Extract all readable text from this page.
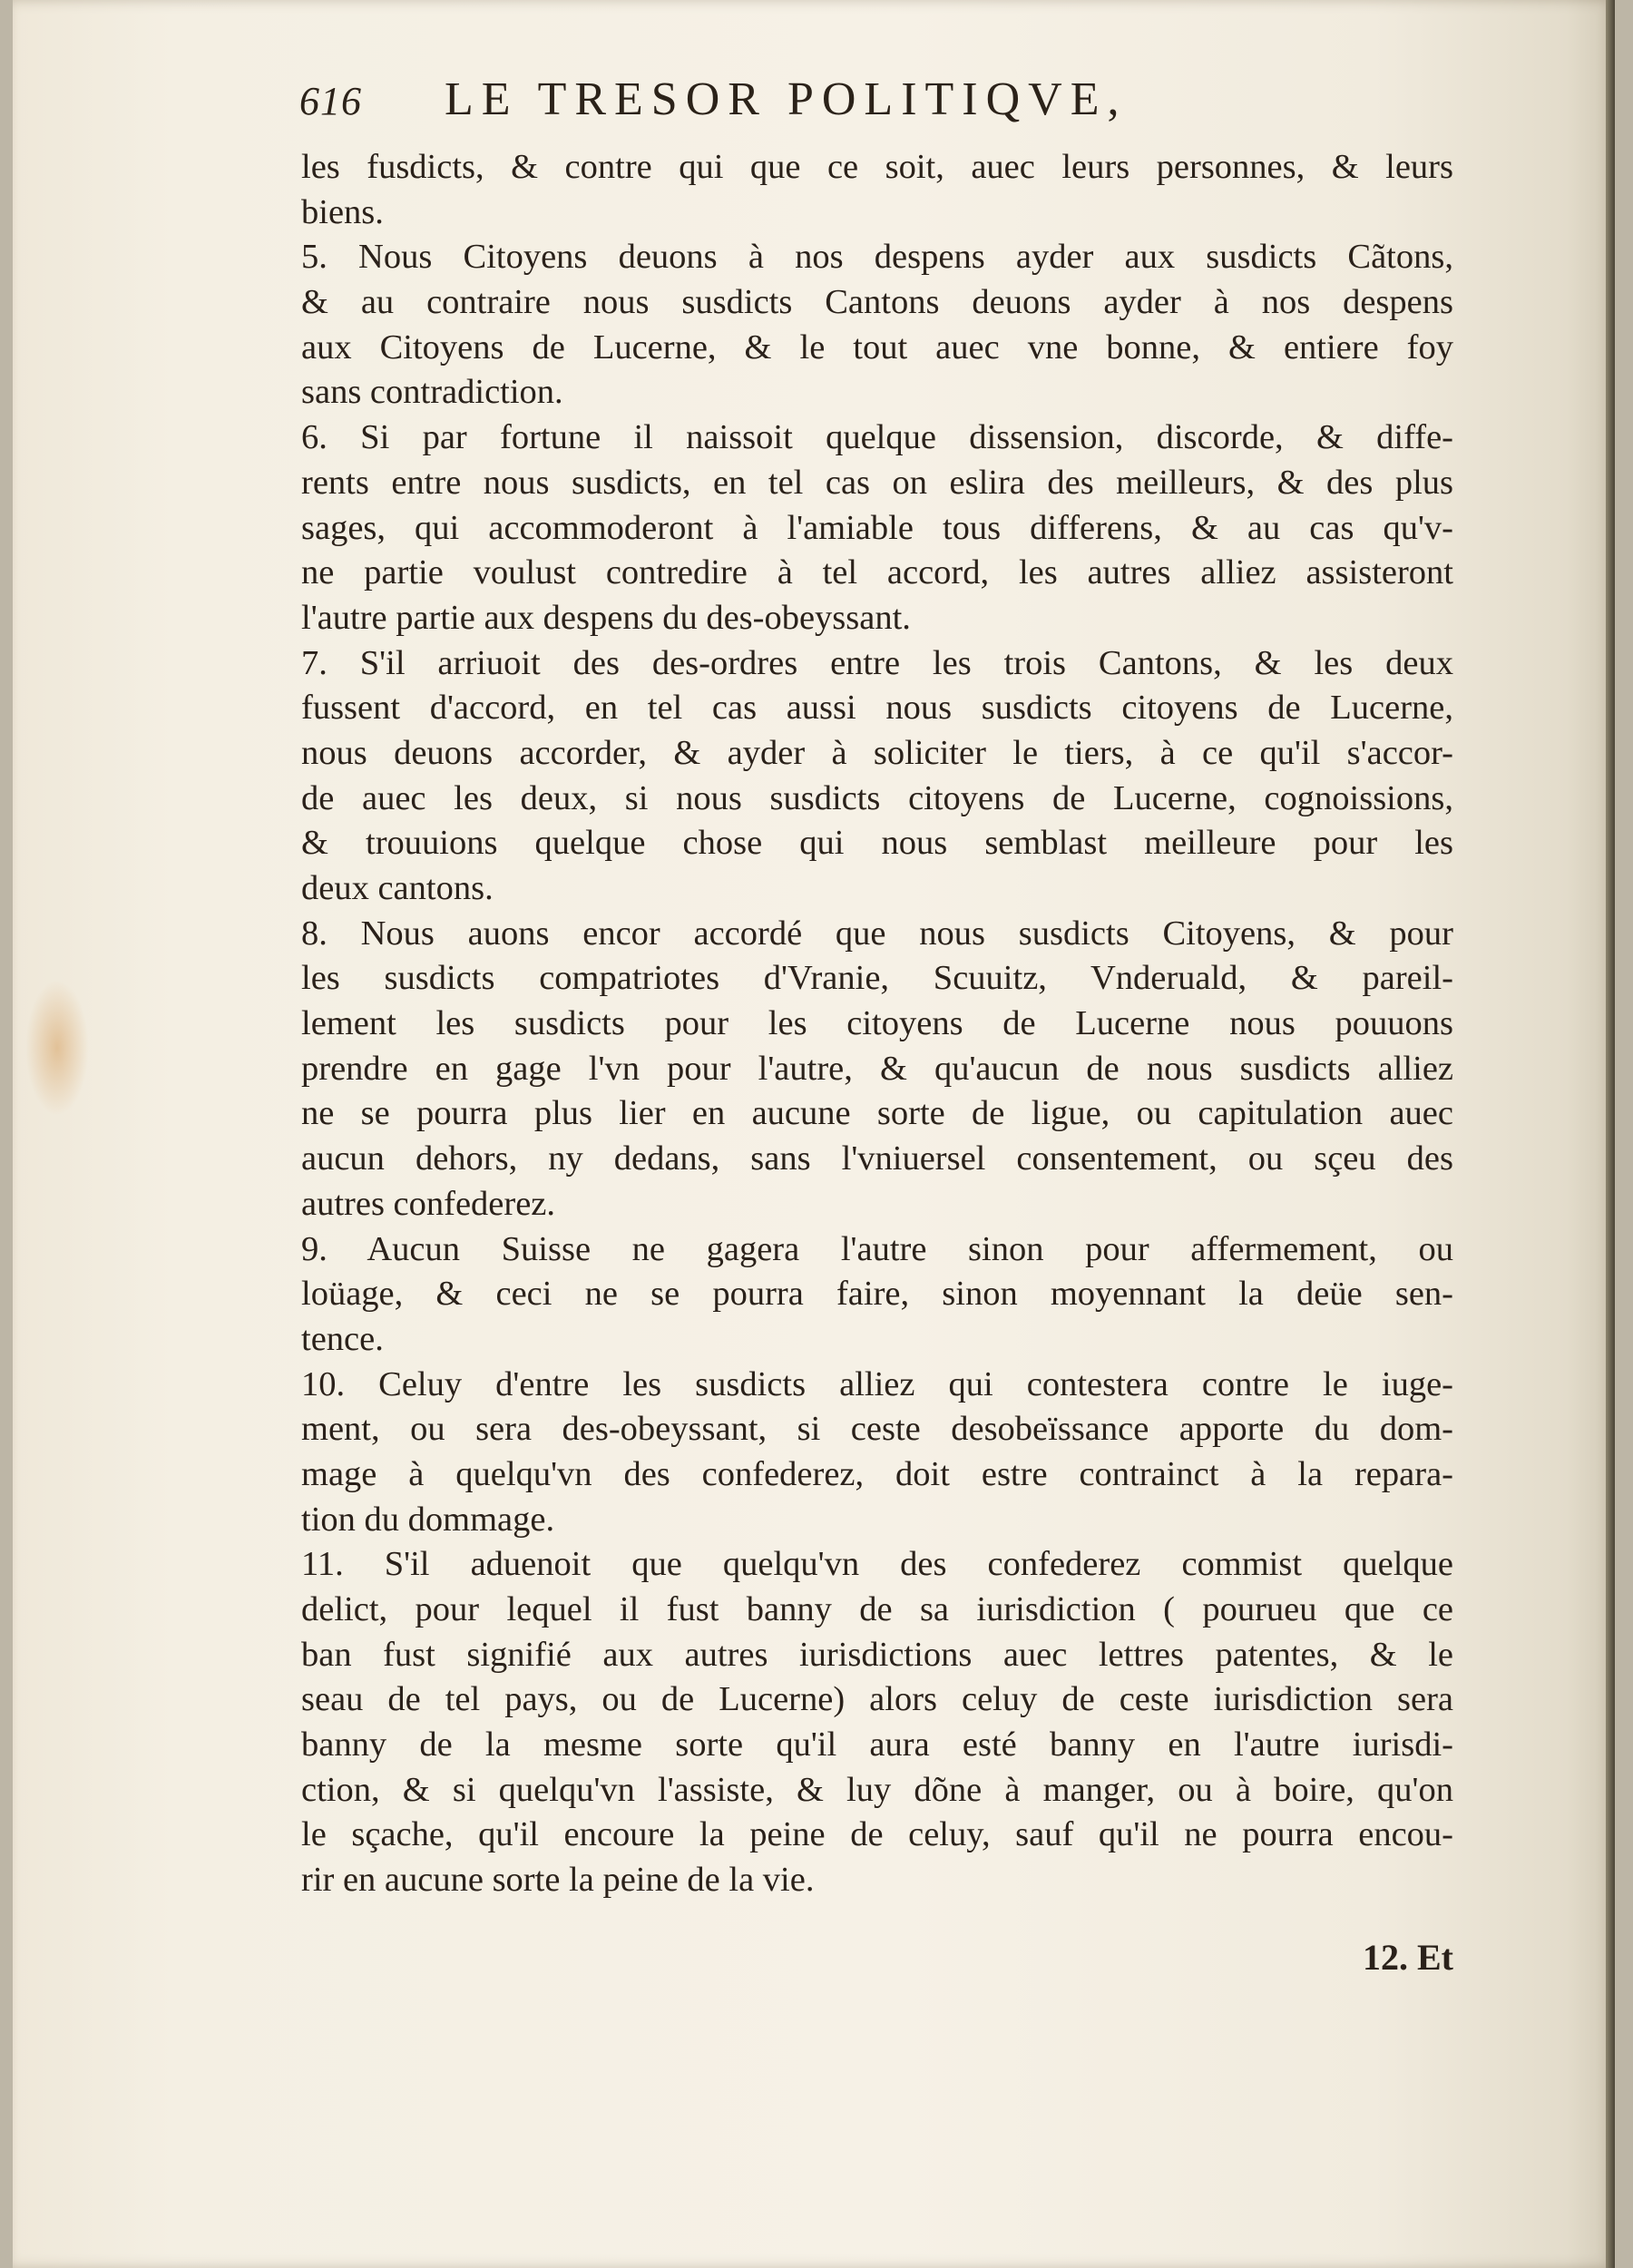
616	LE TRESOR POLITIQVE,
les fusdicts, & contre qui que ce soit, auec leurs personnes, & leurs
biens.
5. Nous Citoyens deuons à nos despens ayder aux susdicts Cãtons,
& au contraire nous susdicts Cantons deuons ayder à nos despens
aux Citoyens de Lucerne, & le tout auec vne bonne, & entiere foy
sans contradiction.
6. Si par fortune il naissoit quelque dissension, discorde, & diffe-
rents entre nous susdicts, en tel cas on eslira des meilleurs, & des plus
sages, qui accommoderont à l'amiable tous differens, & au cas qu'v-
ne partie voulust contredire à tel accord, les autres alliez assisteront
l'autre partie aux despens du des-obeyssant.
7. S'il arriuoit des des-ordres entre les trois Cantons, & les deux
fussent d'accord, en tel cas aussi nous susdicts citoyens de Lucerne,
nous deuons accorder, & ayder à soliciter le tiers, à ce qu'il s'accor-
de auec les deux, si nous susdicts citoyens de Lucerne, cognoissions,
& trouuions quelque chose qui nous semblast meilleure pour les
deux cantons.
8. Nous auons encor accordé que nous susdicts Citoyens, & pour
les susdicts compatriotes d'Vranie, Scuuitz, Vnderuald, & pareil-
lement les susdicts pour les citoyens de Lucerne nous pouuons
prendre en gage l'vn pour l'autre, & qu'aucun de nous susdicts alliez
ne se pourra plus lier en aucune sorte de ligue, ou capitulation auec
aucun dehors, ny dedans, sans l'vniuersel consentement, ou sçeu des
autres confederez.
9. Aucun Suisse ne gagera l'autre sinon pour affermement, ou
loüage, & ceci ne se pourra faire, sinon moyennant la deüe sen-
tence.
10. Celuy d'entre les susdicts alliez qui contestera contre le iuge-
ment, ou sera des-obeyssant, si ceste desobeïssance apporte du dom-
mage à quelqu'vn des confederez, doit estre contrainct à la repara-
tion du dommage.
11. S'il aduenoit que quelqu'vn des confederez commist quelque
delict, pour lequel il fust banny de sa iurisdiction ( pourueu que ce
ban fust signifié aux autres iurisdictions auec lettres patentes, & le
seau de tel pays, ou de Lucerne) alors celuy de ceste iurisdiction sera
banny de la mesme sorte qu'il aura esté banny en l'autre iurisdi-
ction, & si quelqu'vn l'assiste, & luy dõne à manger, ou à boire, qu'on
le sçache, qu'il encoure la peine de celuy, sauf qu'il ne pourra encou-
rir en aucune sorte la peine de la vie.
12. Et
